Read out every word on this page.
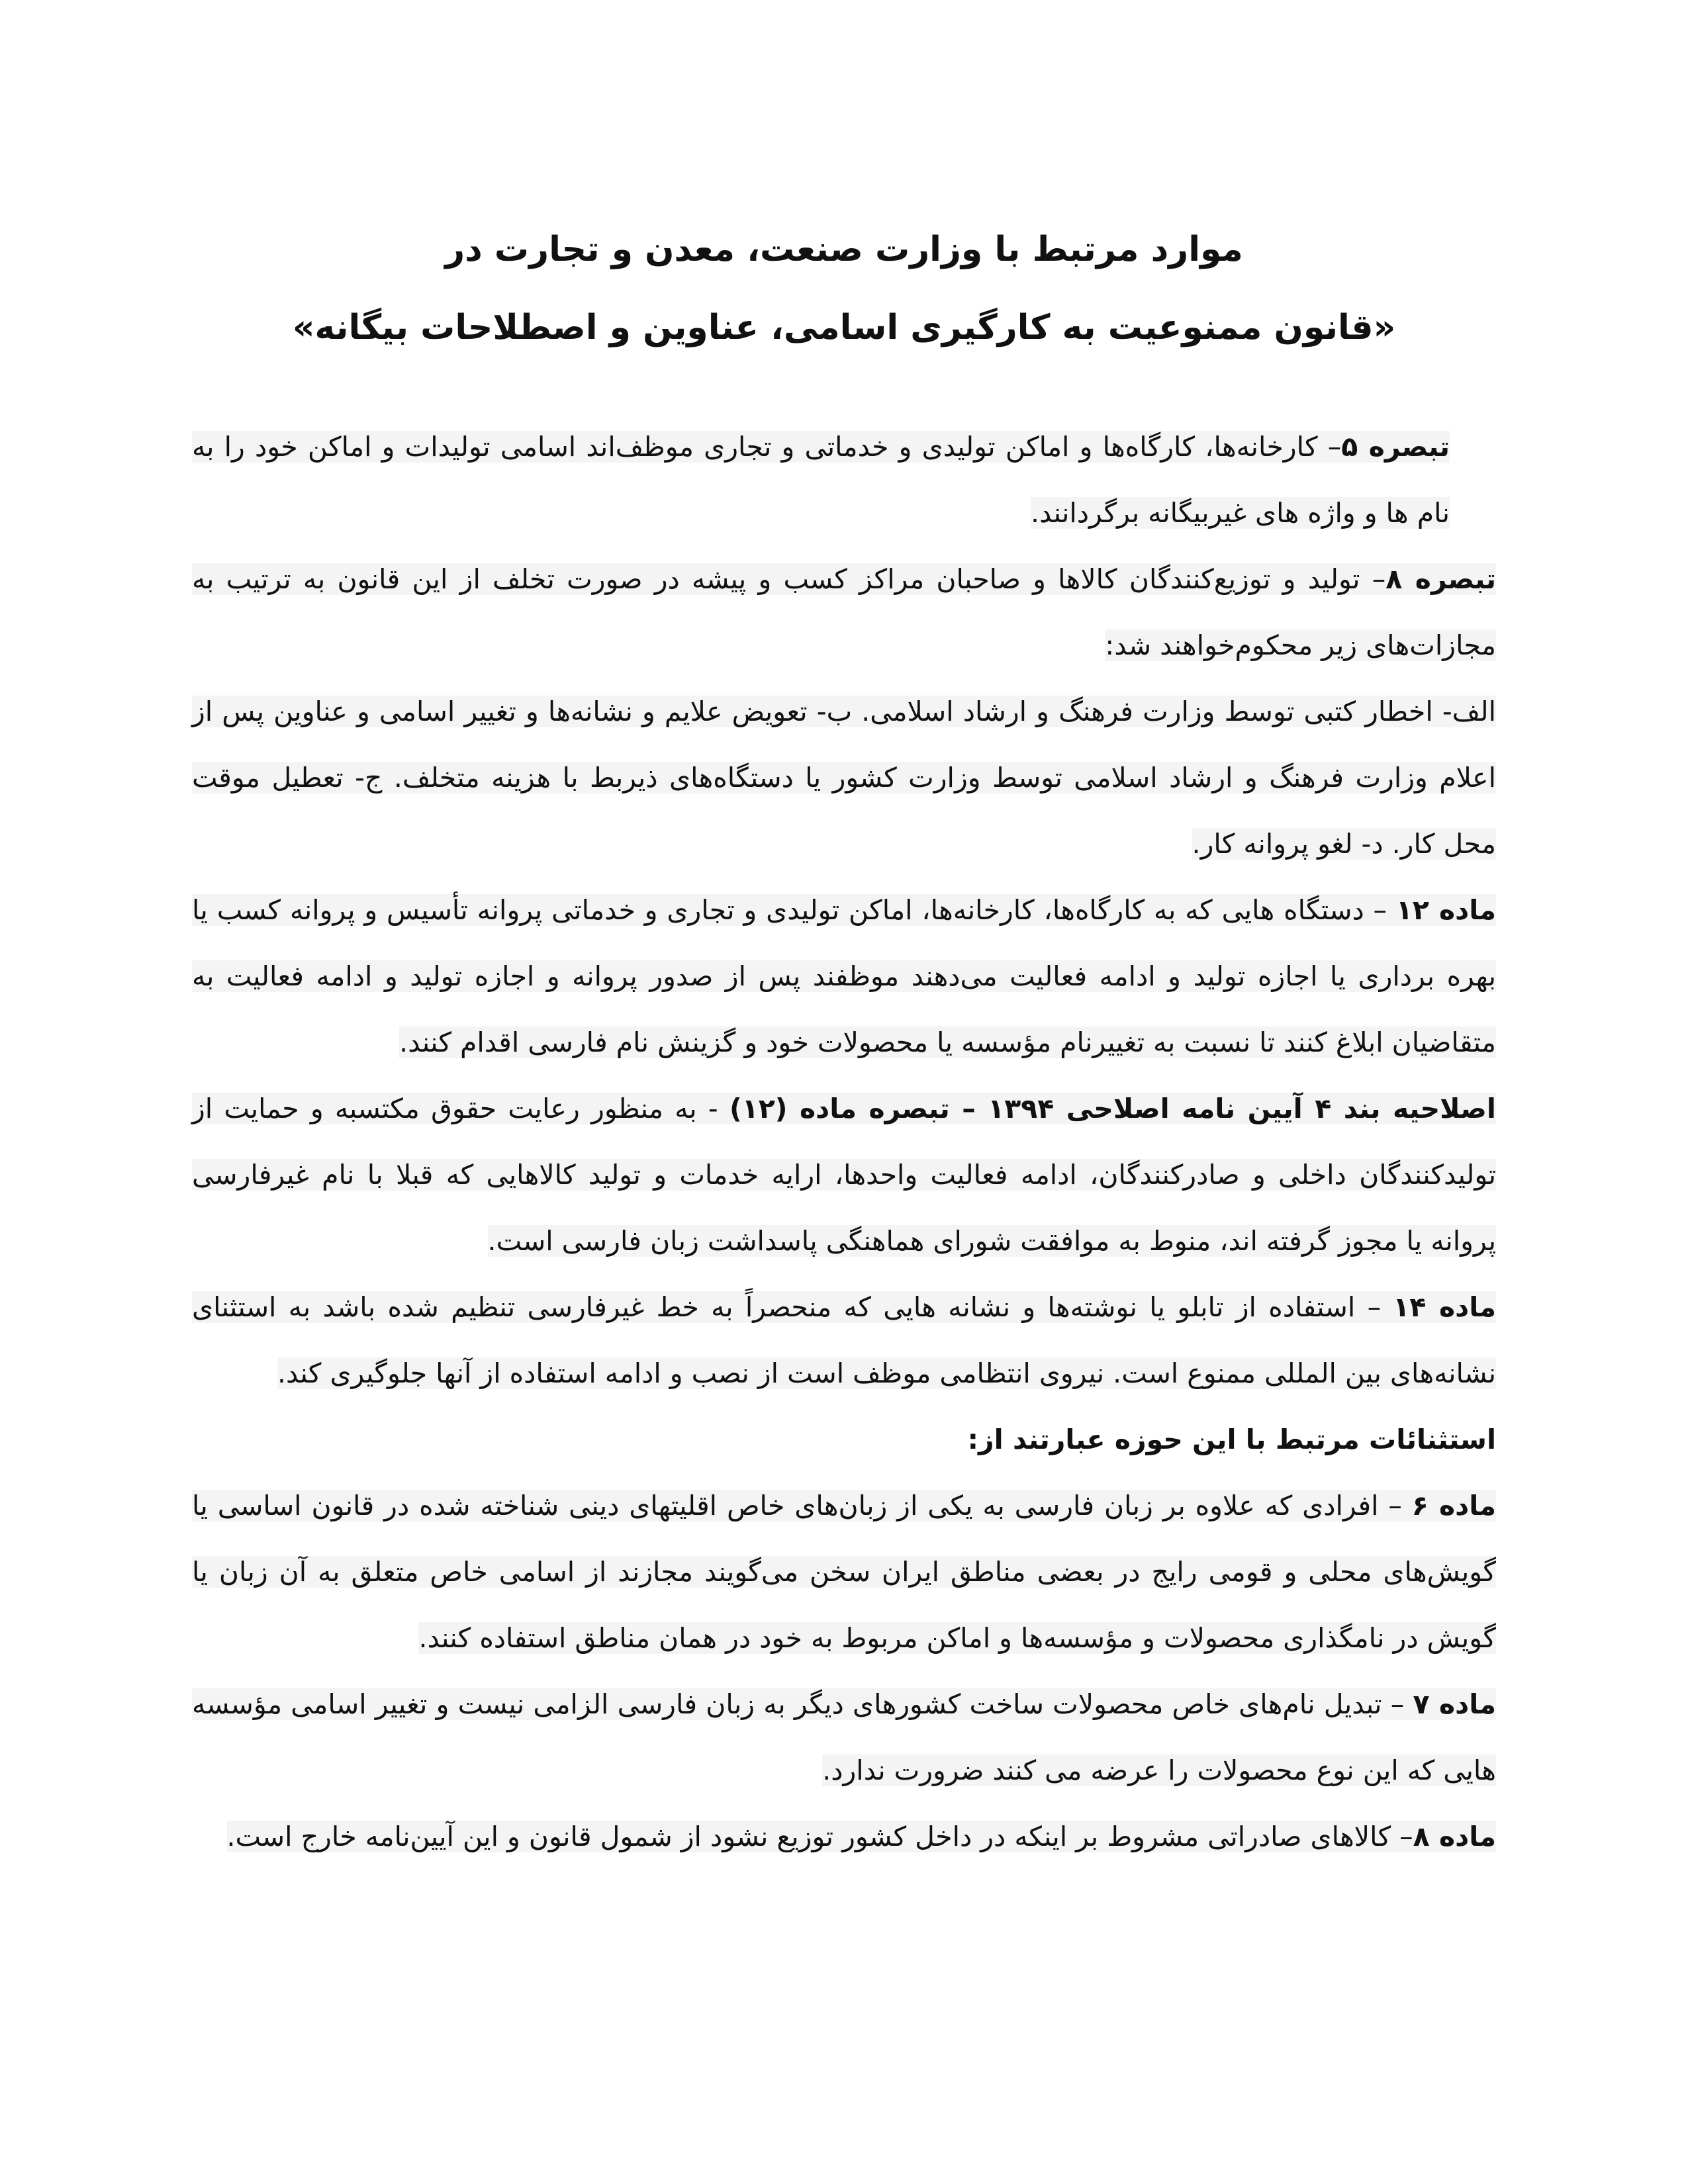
موارد مرتبط با وزارت صنعت، معدن و تجارت در
«قانون ممنوعیت به کارگیری اسامی، عناوین و اصطلاحات بیگانه»
تبصره ۵– کارخانه‌ها، کارگاه‌ها و اماکن تولیدی و خدماتی و تجاری موظف‌اند اسامی تولیدات و اماکن خود را به نام ها و واژه های غیربیگانه برگردانند.
تبصره ۸– تولید و توزیع‌کنندگان کالاها و صاحبان مراکز کسب و پیشه در صورت تخلف از این قانون به ترتیب به مجازات‌های زیر محکوم‌خواهند شد:
الف- اخطار کتبی توسط وزارت فرهنگ و ارشاد اسلامی. ب- تعویض علایم و نشانه‌ها و تغییر اسامی و عناوین پس از اعلام وزارت فرهنگ و ارشاد اسلامی توسط وزارت کشور یا دستگاه‌های ذیربط با هزینه متخلف. ج- تعطیل موقت محل کار. د- لغو پروانه کار.
ماده ۱۲ – دستگاه هایی که به کارگاه‌ها، کارخانه‌ها، اماکن تولیدی و تجاری و خدماتی پروانه تأسیس و پروانه کسب یا بهره برداری یا اجازه تولید و ادامه فعالیت می‌دهند موظفند پس از صدور پروانه و اجازه تولید و ادامه فعالیت به متقاضیان ابلاغ کنند تا نسبت به تغییرنام مؤسسه یا محصولات خود و گزینش نام فارسی اقدام کنند.
اصلاحیه بند ۴ آیین نامه اصلاحی ۱۳۹۴ – تبصره ماده (۱۲) - به منظور رعایت حقوق مکتسبه و حمایت از تولیدکنندگان داخلی و صادرکنندگان، ادامه فعالیت واحدها، ارایه خدمات و تولید کالاهایی که قبلا با نام غیرفارسی پروانه یا مجوز گرفته اند، منوط به موافقت شورای هماهنگی پاسداشت زبان فارسی است.
ماده ۱۴ – استفاده از تابلو یا نوشته‌ها و نشانه هایی که منحصراً به خط غیرفارسی تنظیم شده باشد به استثنای نشانه‌های بین المللی ممنوع است. نیروی انتظامی موظف است از نصب و ادامه استفاده از آنها جلوگیری کند.
استثنائات مرتبط با این حوزه عبارتند از:
ماده ۶ – افرادی که علاوه بر زبان فارسی به یکی از زبان‌های خاص اقلیتهای دینی شناخته شده در قانون اساسی یا گویش‌های محلی و قومی رایج در بعضی مناطق ایران سخن می‌گویند مجازند از اسامی خاص متعلق به آن زبان یا گویش در نامگذاری محصولات و مؤسسه‌ها و اماکن مربوط به خود در همان مناطق استفاده کنند.
ماده ۷ – تبدیل نام‌های خاص محصولات ساخت کشورهای دیگر به زبان فارسی الزامی نیست و تغییر اسامی مؤسسه هایی که این نوع محصولات را عرضه می کنند ضرورت ندارد.
ماده ۸– کالاهای صادراتی مشروط بر اینکه در داخل کشور توزیع نشود از شمول قانون و این آیین‌نامه خارج است.
